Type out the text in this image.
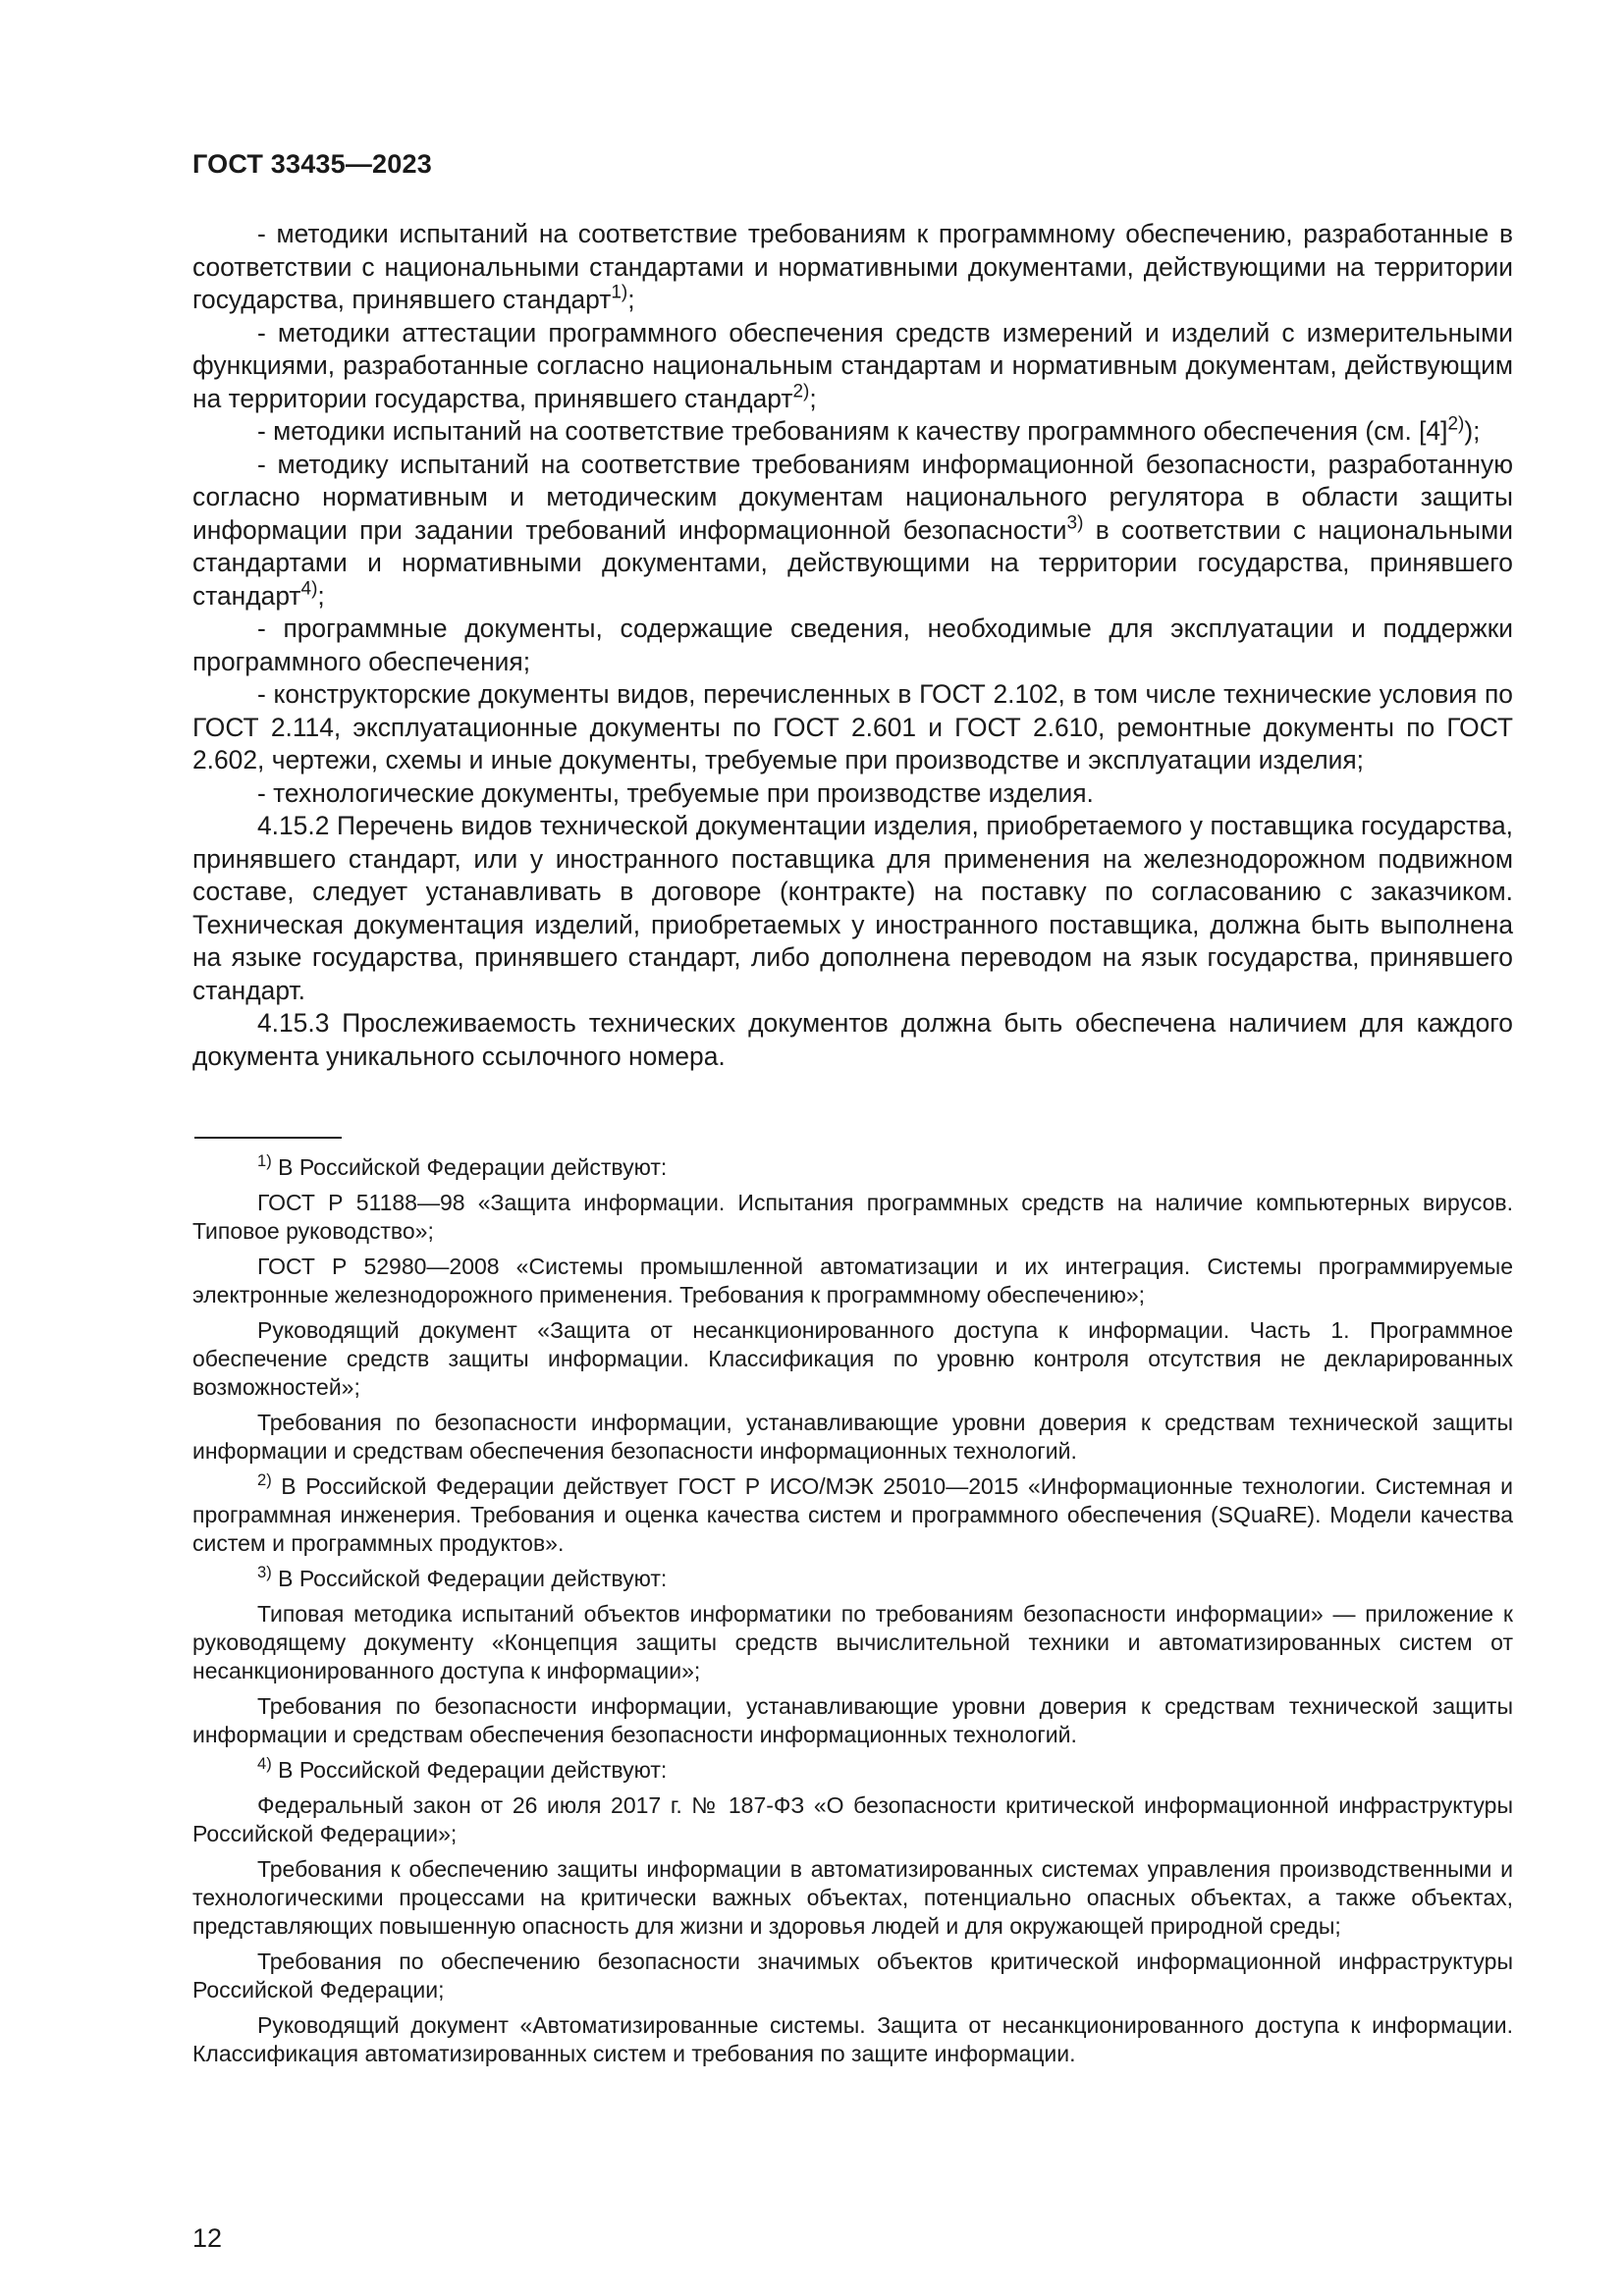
ГОСТ 33435—2023

- методики испытаний на соответствие требованиям к программному обеспечению, разработанные в соответствии с национальными стандартами и нормативными документами, действующими на территории государства, принявшего стандарт$^{1)}$;

- методики аттестации программного обеспечения средств измерений и изделий с измерительными функциями, разработанные согласно национальным стандартам и нормативным документам, действующим на территории государства, принявшего стандарт$^{2)}$;

- методики испытаний на соответствие требованиям к качеству программного обеспечения (см. $[4]^{2)}$);

- методику испытаний на соответствие требованиям информационной безопасности, разработанную согласно нормативным и методическим документам национального регулятора в области защиты информации при задании требований информационной безопасности$^{3)}$ в соответствии с национальными стандартами и нормативными документами, действующими на территории государства, принявшего стандарт$^{4)}$;

- программные документы, содержащие сведения, необходимые для эксплуатации и поддержки программного обеспечения;

- конструкторские документы видов, перечисленных в ГОСТ 2.102, в том числе технические условия по ГОСТ 2.114, эксплуатационные документы по ГОСТ 2.601 и ГОСТ 2.610, ремонтные документы по ГОСТ 2.602, чертежи, схемы и иные документы, требуемые при производстве и эксплуатации изделия;

- технологические документы, требуемые при производстве изделия.

4.15.2 Перечень видов технической документации изделия, приобретаемого у поставщика государства, принявшего стандарт, или у иностранного поставщика для применения на железнодорожном подвижном составе, следует устанавливать в договоре (контракте) на поставку по согласованию с заказчиком. Техническая документация изделий, приобретаемых у иностранного поставщика, должна быть выполнена на языке государства, принявшего стандарт, либо дополнена переводом на язык государства, принявшего стандарт.

4.15.3 Прослеживаемость технических документов должна быть обеспечена наличием для каждого документа уникального ссылочного номера.

$^{1)}$ В Российской Федерации действуют:

ГОСТ Р 51188—98 «Защита информации. Испытания программных средств на наличие компьютерных вирусов. Типовое руководство»;

ГОСТ Р 52980—2008 «Системы промышленной автоматизации и их интеграция. Системы программируемые электронные железнодорожного применения. Требования к программному обеспечению»;

Руководящий документ «Защита от несанкционированного доступа к информации. Часть 1. Программное обеспечение средств защиты информации. Классификация по уровню контроля отсутствия не декларированных возможностей»;

Требования по безопасности информации, устанавливающие уровни доверия к средствам технической защиты информации и средствам обеспечения безопасности информационных технологий.

$^{2)}$ В Российской Федерации действует ГОСТ Р ИСО/МЭК 25010—2015 «Информационные технологии. Системная и программная инженерия. Требования и оценка качества систем и программного обеспечения (SQuaRE). Модели качества систем и программных продуктов».

$^{3)}$ В Российской Федерации действуют:

Типовая методика испытаний объектов информатики по требованиям безопасности информации» — приложение к руководящему документу «Концепция защиты средств вычислительной техники и автоматизированных систем от несанкционированного доступа к информации»;

Требования по безопасности информации, устанавливающие уровни доверия к средствам технической защиты информации и средствам обеспечения безопасности информационных технологий.

$^{4)}$ В Российской Федерации действуют:

Федеральный закон от 26 июля 2017 г. № 187-ФЗ «О безопасности критической информационной инфраструктуры Российской Федерации»;

Требования к обеспечению защиты информации в автоматизированных системах управления производственными и технологическими процессами на критически важных объектах, потенциально опасных объектах, а также объектах, представляющих повышенную опасность для жизни и здоровья людей и для окружающей природной среды;

Требования по обеспечению безопасности значимых объектов критической информационной инфраструктуры Российской Федерации;

Руководящий документ «Автоматизированные системы. Защита от несанкционированного доступа к информации. Классификация автоматизированных систем и требования по защите информации.

12
